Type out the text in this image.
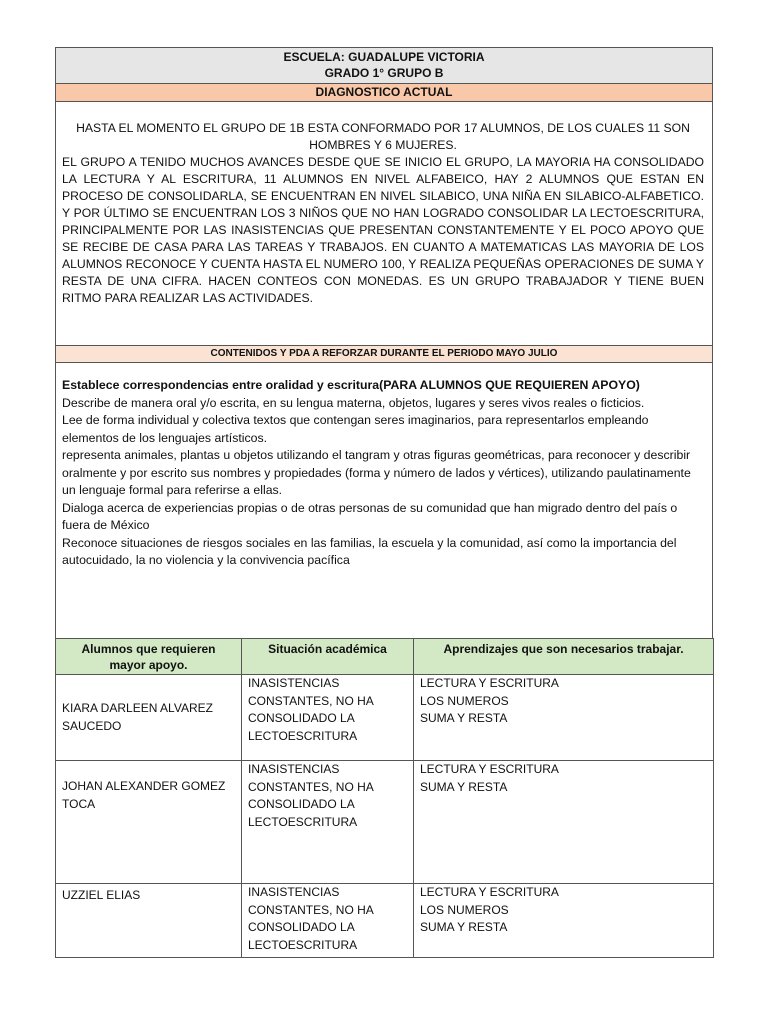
ESCUELA: GUADALUPE VICTORIA
GRADO 1° GRUPO B
DIAGNOSTICO ACTUAL
HASTA EL MOMENTO EL GRUPO DE 1B ESTA CONFORMADO POR 17 ALUMNOS, DE LOS CUALES 11 SON HOMBRES Y 6 MUJERES.
EL GRUPO A TENIDO MUCHOS AVANCES DESDE QUE SE INICIO EL GRUPO, LA MAYORIA HA CONSOLIDADO LA LECTURA Y AL ESCRITURA, 11 ALUMNOS EN NIVEL ALFABEICO, HAY 2 ALUMNOS QUE ESTAN EN PROCESO DE CONSOLIDARLA, SE ENCUENTRAN EN NIVEL SILABICO, UNA NIÑA EN SILABICO-ALFABETICO. Y POR ÚLTIMO SE ENCUENTRAN LOS 3 NIÑOS QUE NO HAN LOGRADO CONSOLIDAR LA LECTOESCRITURA, PRINCIPALMENTE POR LAS INASISTENCIAS QUE PRESENTAN CONSTANTEMENTE Y EL POCO APOYO QUE SE RECIBE DE CASA PARA LAS TAREAS Y TRABAJOS. EN CUANTO A MATEMATICAS LAS MAYORIA DE LOS ALUMNOS RECONOCE Y CUENTA HASTA EL NUMERO 100, Y REALIZA PEQUEÑAS OPERACIONES DE SUMA Y RESTA DE UNA CIFRA. HACEN CONTEOS CON MONEDAS. ES UN GRUPO TRABAJADOR Y TIENE BUEN RITMO PARA REALIZAR LAS ACTIVIDADES.
CONTENIDOS Y PDA A REFORZAR DURANTE EL PERIODO MAYO JULIO
Establece correspondencias entre oralidad y escritura(PARA ALUMNOS QUE REQUIEREN APOYO)
Describe de manera oral y/o escrita, en su lengua materna, objetos, lugares y seres vivos reales o ficticios.
Lee de forma individual y colectiva textos que contengan seres imaginarios, para representarlos empleando elementos de los lenguajes artísticos.
representa animales, plantas u objetos utilizando el tangram y otras figuras geométricas, para reconocer y describir oralmente y por escrito sus nombres y propiedades (forma y número de lados y vértices), utilizando paulatinamente un lenguaje formal para referirse a ellas.
Dialoga acerca de experiencias propias o de otras personas de su comunidad que han migrado dentro del país o fuera de México
Reconoce situaciones de riesgos sociales en las familias, la escuela y la comunidad, así como la importancia del autocuidado, la no violencia y la convivencia pacífica
Alumnos que requieren mayor apoyo.	Situación académica	Aprendizajes que son necesarios trabajar.
KIARA DARLEEN ALVAREZ SAUCEDO	INASISTENCIAS
CONSTANTES, NO HA
CONSOLIDADO LA
LECTOESCRITURA	LECTURA Y ESCRITURA
LOS NUMEROS
SUMA Y RESTA

JOHAN ALEXANDER GOMEZ TOCA	INASISTENCIAS
CONSTANTES, NO HA
CONSOLIDADO LA
LECTOESCRITURA	LECTURA Y ESCRITURA
SUMA Y RESTA

UZZIEL ELIAS	INASISTENCIAS
CONSTANTES, NO HA
CONSOLIDADO LA
LECTOESCRITURA	LECTURA Y ESCRITURA
LOS NUMEROS
SUMA Y RESTA
